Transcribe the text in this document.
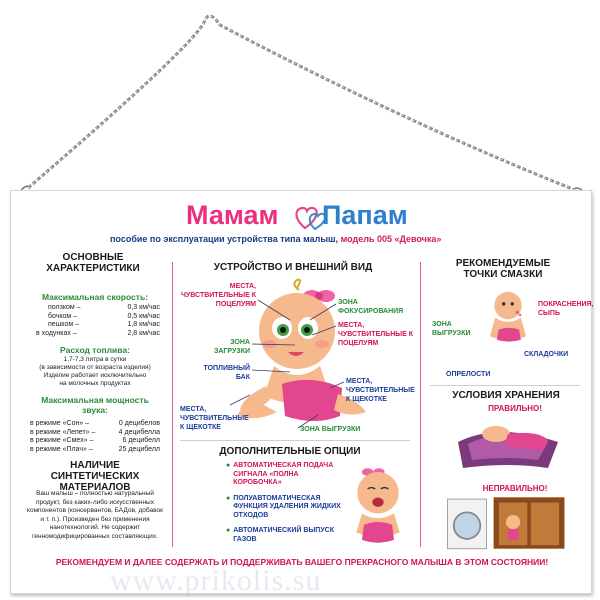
Мамам Папам
пособие по эксплуатации устройства типа малыш, модель 005 «Девочка»
ОСНОВНЫЕ ХАРАКТЕРИСТИКИ
Максимальная скорость:
ползком –	0,3 км/час
бочком –	0,5 км/час
пешком –	1,8 км/час
в ходунках –	2,8 км/час
Расход топлива:
1,7-7,3 литра в сутки
(в зависимости от возраста изделия)
Изделие работает исключительно
на молочных продуктах
Максимальная мощность звука:
в режиме «Сон» –	0 децибелов
в режиме «Лепет» –	4 децибелла
в режиме «Смех» –	6 децибелл
в режиме «Плач» –	25 децибелл
НАЛИЧИЕ СИНТЕТИЧЕСКИХ МАТЕРИАЛОВ
Ваш малыш – полностью натуральный продукт, без каких-либо искусственных компонентов (консервантов, БАДов, добавок и т. п.). Произведен без применения нанотехнологий. Не содержит генномодифицированных составляющих.
УСТРОЙСТВО И ВНЕШНИЙ ВИД
МЕСТА, ЧУВСТВИТЕЛЬНЫЕ К ПОЦЕЛУЯМ	ЗОНА ФОКУСИРОВАНИЯ
МЕСТА, ЧУВСТВИТЕЛЬНЫЕ К ПОЦЕЛУЯМ
ЗОНА ЗАГРУЗКИ
ТОПЛИВНЫЙ БАК
МЕСТА, ЧУВСТВИТЕЛЬНЫЕ К ЩЕКОТКЕ
МЕСТА, ЧУВСТВИТЕЛЬНЫЕ К ЩЕКОТКЕ	ЗОНА ВЫГРУЗКИ
ДОПОЛНИТЕЛЬНЫЕ ОПЦИИ
● АВТОМАТИЧЕСКАЯ ПОДАЧА СИГНАЛА «ПОЛНА КОРОБОЧКА»
● ПОЛУАВТОМАТИЧЕСКАЯ ФУНКЦИЯ УДАЛЕНИЯ ЖИДКИХ ОТХОДОВ
● АВТОМАТИЧЕСКИЙ ВЫПУСК ГАЗОВ
РЕКОМЕНДУЕМЫЕ ТОЧКИ СМАЗКИ
ПОКРАСНЕНИЯ, СЫПЬ
ЗОНА ВЫГРУЗКИ
СКЛАДОЧКИ
ОПРЕЛОСТИ
УСЛОВИЯ ХРАНЕНИЯ
ПРАВИЛЬНО!
НЕПРАВИЛЬНО!
РЕКОМЕНДУЕМ И ДАЛЕЕ СОДЕРЖАТЬ И ПОДДЕРЖИВАТЬ ВАШЕГО ПРЕКРАСНОГО МАЛЫША В ЭТОМ СОСТОЯНИИ!
www.prikolis.su
